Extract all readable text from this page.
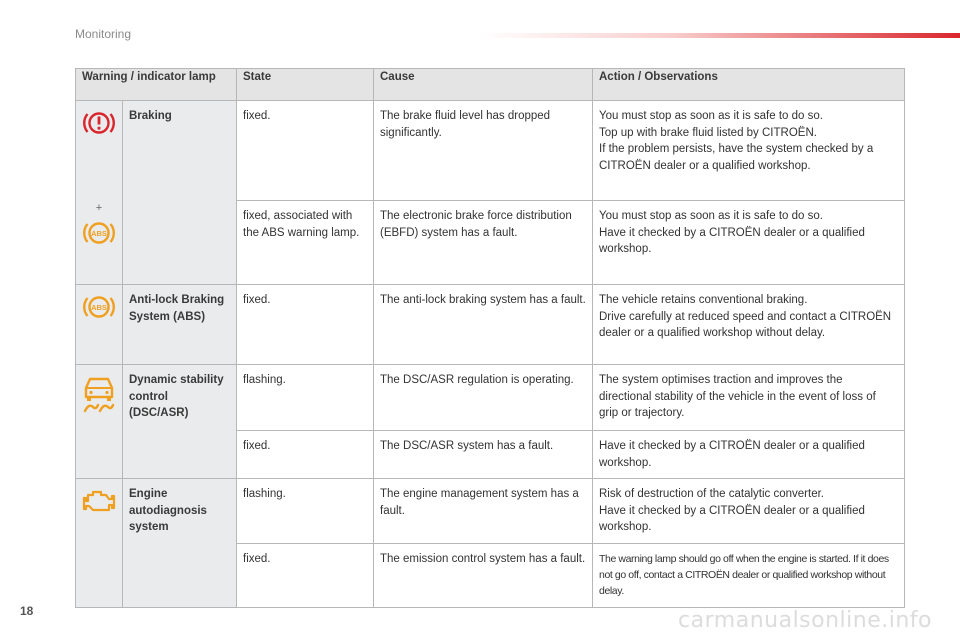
Monitoring
Warning / indicator lamp		State	Cause	Action / Observations

+
ABS	Braking	fixed.	The brake fluid level has dropped significantly.	You must stop as soon as it is safe to do so.
Top up with brake fluid listed by CITROËN.
If the problem persists, have the system checked by a CITROËN dealer or a qualified workshop.
		fixed, associated with the ABS warning lamp.	The electronic brake force distribution (EBFD) system has a fault.	You must stop as soon as it is safe to do so.
Have it checked by a CITROËN dealer or a qualified workshop.

ABS	Anti-lock Braking System (ABS)	fixed.	The anti-lock braking system has a fault.	The vehicle retains conventional braking.
Drive carefully at reduced speed and contact a CITROËN dealer or a qualified workshop without delay.

	Dynamic stability control (DSC/ASR)	flashing.	The DSC/ASR regulation is operating.	The system optimises traction and improves the directional stability of the vehicle in the event of loss of grip or trajectory.
		fixed.	The DSC/ASR system has a fault.	Have it checked by a CITROËN dealer or a qualified workshop.

	Engine autodiagnosis system	flashing.	The engine management system has a fault.	Risk of destruction of the catalytic converter.
Have it checked by a CITROËN dealer or a qualified workshop.
		fixed.	The emission control system has a fault.	The warning lamp should go off when the engine is started. If it does not go off, contact a CITROËN dealer or qualified workshop without delay.
18	carmanualsonline.info
